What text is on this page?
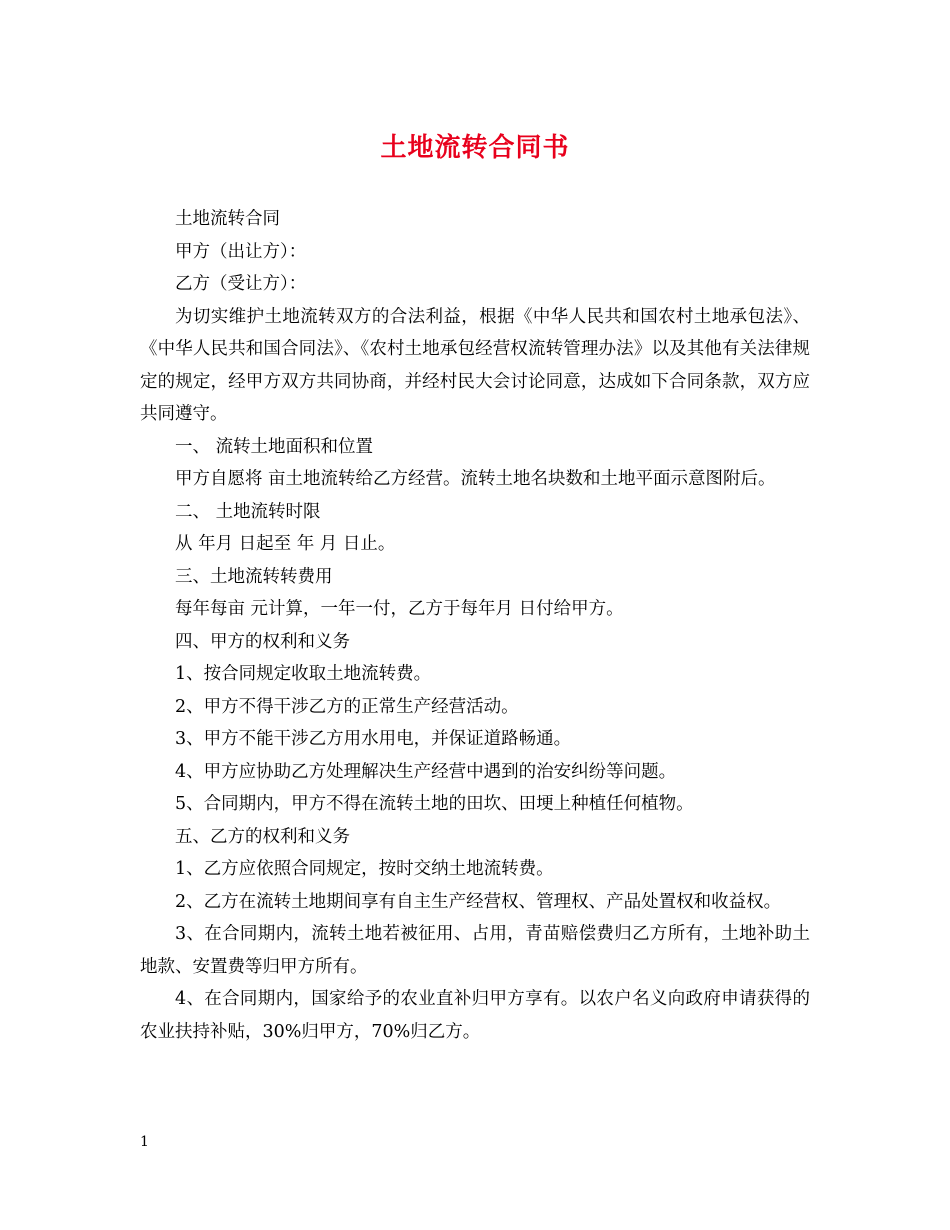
土地流转合同书

土地流转合同

甲方（出让方）：

乙方（受让方）：

为切实维护土地流转双方的合法利益，根据《中华人民共和国农村土地承包法》、《中华人民共和国合同法》、《农村土地承包经营权流转管理办法》以及其他有关法律规定的规定，经甲方双方共同协商，并经村民大会讨论同意，达成如下合同条款，双方应共同遵守。

一、 流转土地面积和位置

甲方自愿将 亩土地流转给乙方经营。流转土地名块数和土地平面示意图附后。

二、 土地流转时限

从 年月 日起至 年 月 日止。

三、土地流转转费用

每年每亩 元计算，一年一付，乙方于每年月 日付给甲方。

四、甲方的权利和义务

1、按合同规定收取土地流转费。

2、甲方不得干涉乙方的正常生产经营活动。

3、甲方不能干涉乙方用水用电，并保证道路畅通。

4、甲方应协助乙方处理解决生产经营中遇到的治安纠纷等问题。

5、合同期内，甲方不得在流转土地的田坎、田埂上种植任何植物。

五、乙方的权利和义务

1、乙方应依照合同规定，按时交纳土地流转费。

2、乙方在流转土地期间享有自主生产经营权、管理权、产品处置权和收益权。

3、在合同期内，流转土地若被征用、占用，青苗赔偿费归乙方所有，土地补助土地款、安置费等归甲方所有。

4、在合同期内，国家给予的农业直补归甲方享有。以农户名义向政府申请获得的农业扶持补贴，30%归甲方，70%归乙方。

1
